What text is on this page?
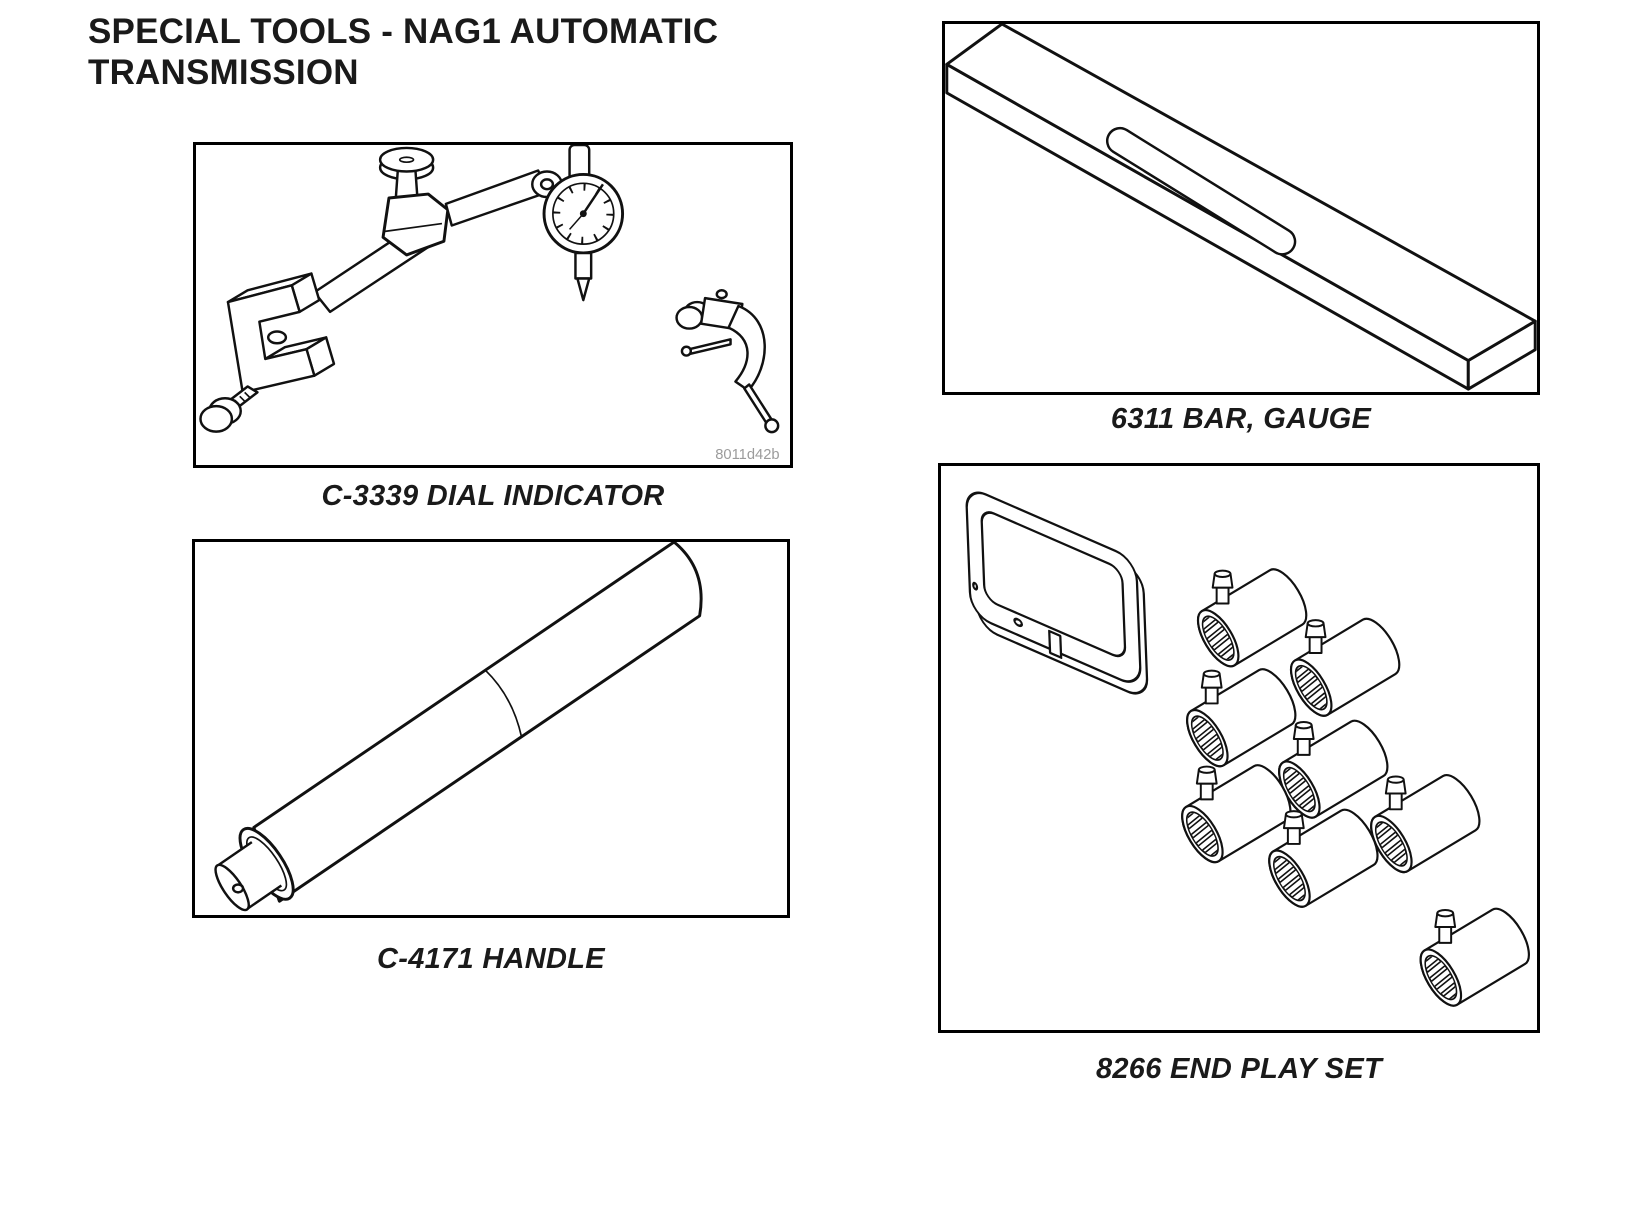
SPECIAL TOOLS - NAG1 AUTOMATIC TRANSMISSION
8011d42b
C-3339 DIAL INDICATOR
6311 BAR, GAUGE
C-4171 HANDLE
8266 END PLAY SET
